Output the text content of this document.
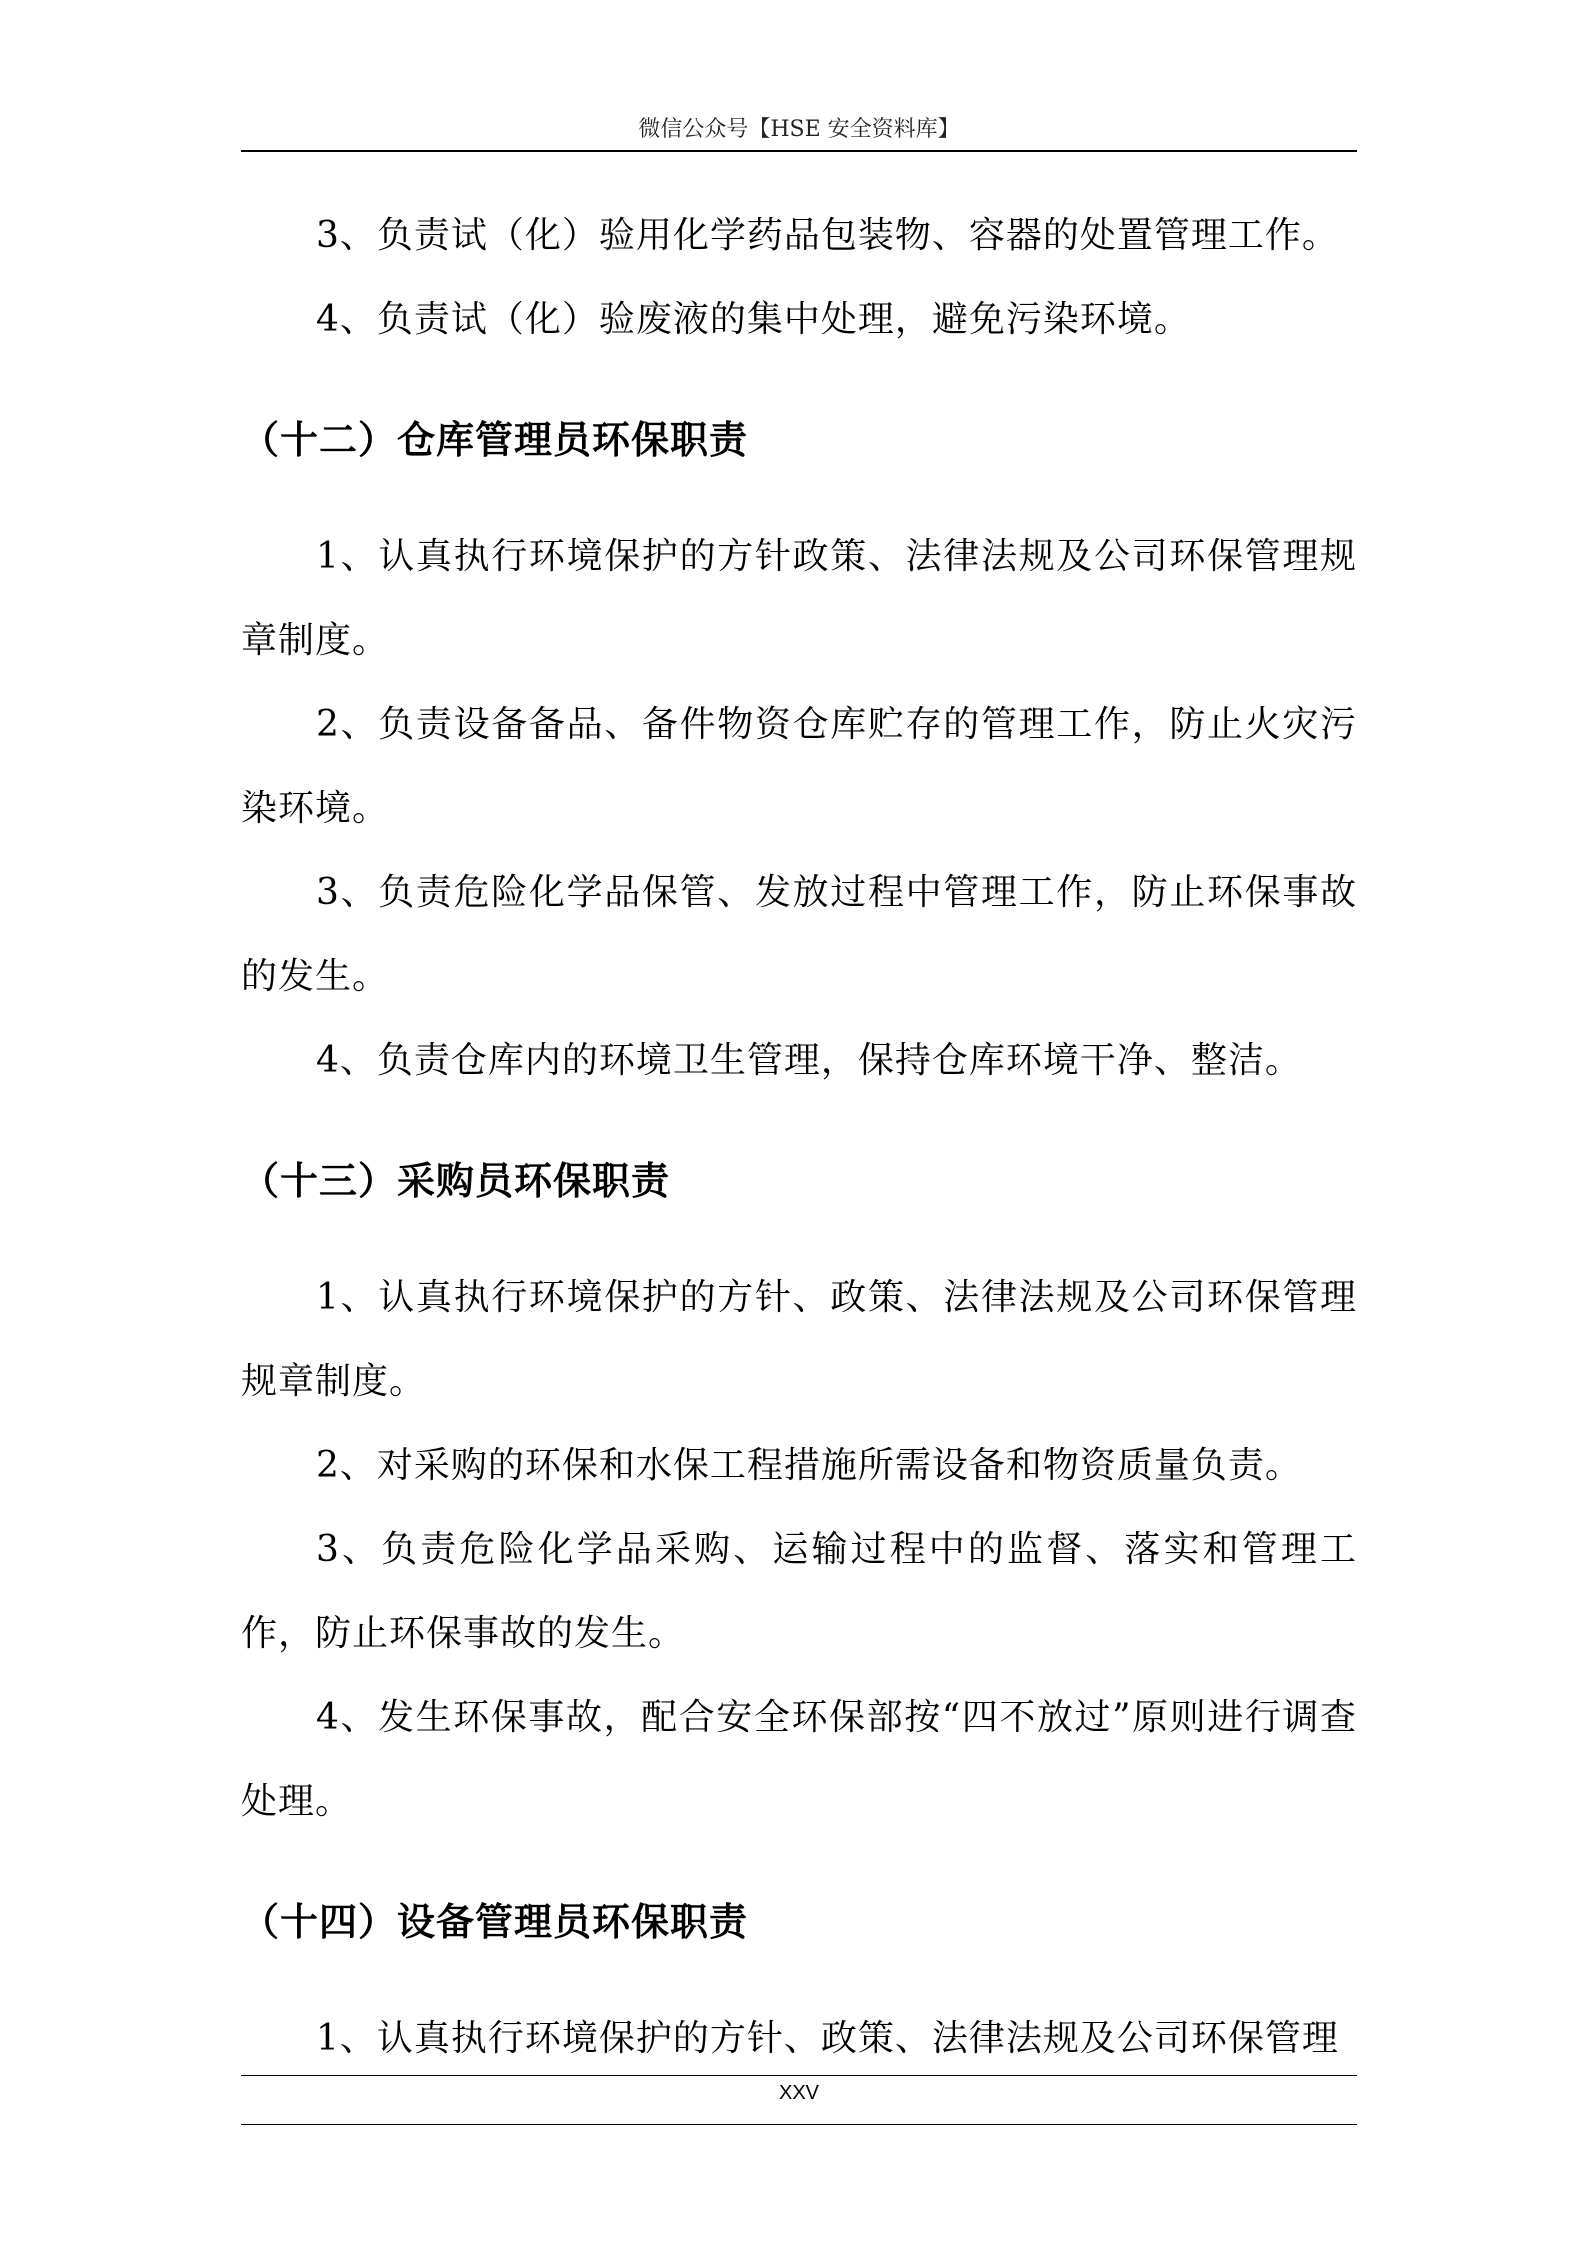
微信公众号【HSE 安全资料库】
3、负责试（化）验用化学药品包装物、容器的处置管理工作。
4、负责试（化）验废液的集中处理，避免污染环境。
（十二）仓库管理员环保职责
1、认真执行环境保护的方针政策、法律法规及公司环保管理规章制度。
2、负责设备备品、备件物资仓库贮存的管理工作，防止火灾污染环境。
3、负责危险化学品保管、发放过程中管理工作，防止环保事故的发生。
4、负责仓库内的环境卫生管理，保持仓库环境干净、整洁。
（十三）采购员环保职责
1、认真执行环境保护的方针、政策、法律法规及公司环保管理规章制度。
2、对采购的环保和水保工程措施所需设备和物资质量负责。
3、负责危险化学品采购、运输过程中的监督、落实和管理工作，防止环保事故的发生。
4、发生环保事故，配合安全环保部按“四不放过”原则进行调查处理。
（十四）设备管理员环保职责
1、认真执行环境保护的方针、政策、法律法规及公司环保管理
XXV
